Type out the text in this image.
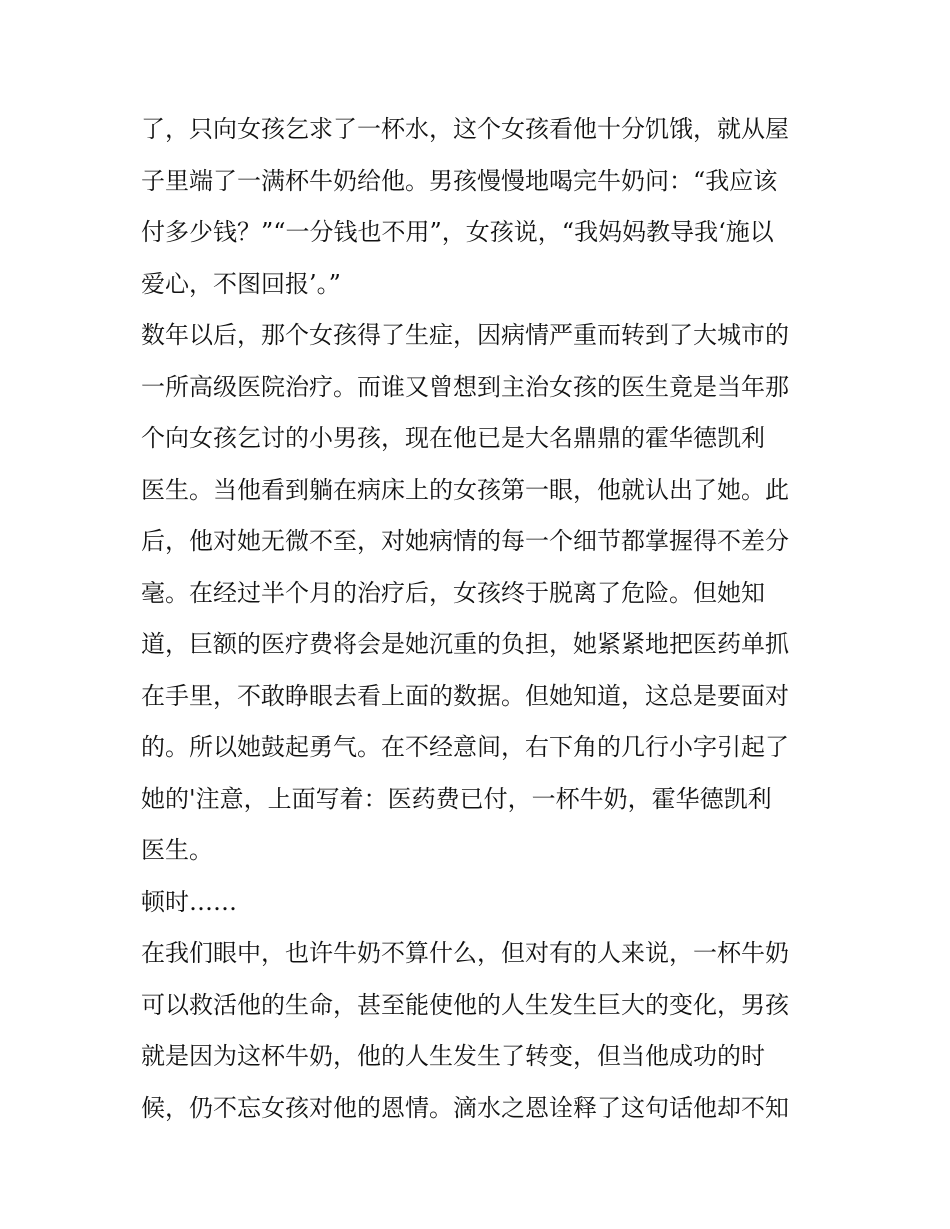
了，只向女孩乞求了一杯水，这个女孩看他十分饥饿，就从屋
子里端了一满杯牛奶给他。男孩慢慢地喝完牛奶问：“我应该
付多少钱？”“一分钱也不用”，女孩说，“我妈妈教导我‘施以
爱心，不图回报’。”
数年以后，那个女孩得了生症，因病情严重而转到了大城市的
一所高级医院治疗。而谁又曾想到主治女孩的医生竟是当年那
个向女孩乞讨的小男孩，现在他已是大名鼎鼎的霍华德凯利
医生。当他看到躺在病床上的女孩第一眼，他就认出了她。此
后，他对她无微不至，对她病情的每一个细节都掌握得不差分
毫。在经过半个月的治疗后，女孩终于脱离了危险。但她知
道，巨额的医疗费将会是她沉重的负担，她紧紧地把医药单抓
在手里，不敢睁眼去看上面的数据。但她知道，这总是要面对
的。所以她鼓起勇气。在不经意间，右下角的几行小字引起了
她的'注意，上面写着：医药费已付，一杯牛奶，霍华德凯利
医生。
顿时……
在我们眼中，也许牛奶不算什么，但对有的人来说，一杯牛奶
可以救活他的生命，甚至能使他的人生发生巨大的变化，男孩
就是因为这杯牛奶，他的人生发生了转变，但当他成功的时
候，仍不忘女孩对他的恩情。滴水之恩诠释了这句话他却不知
